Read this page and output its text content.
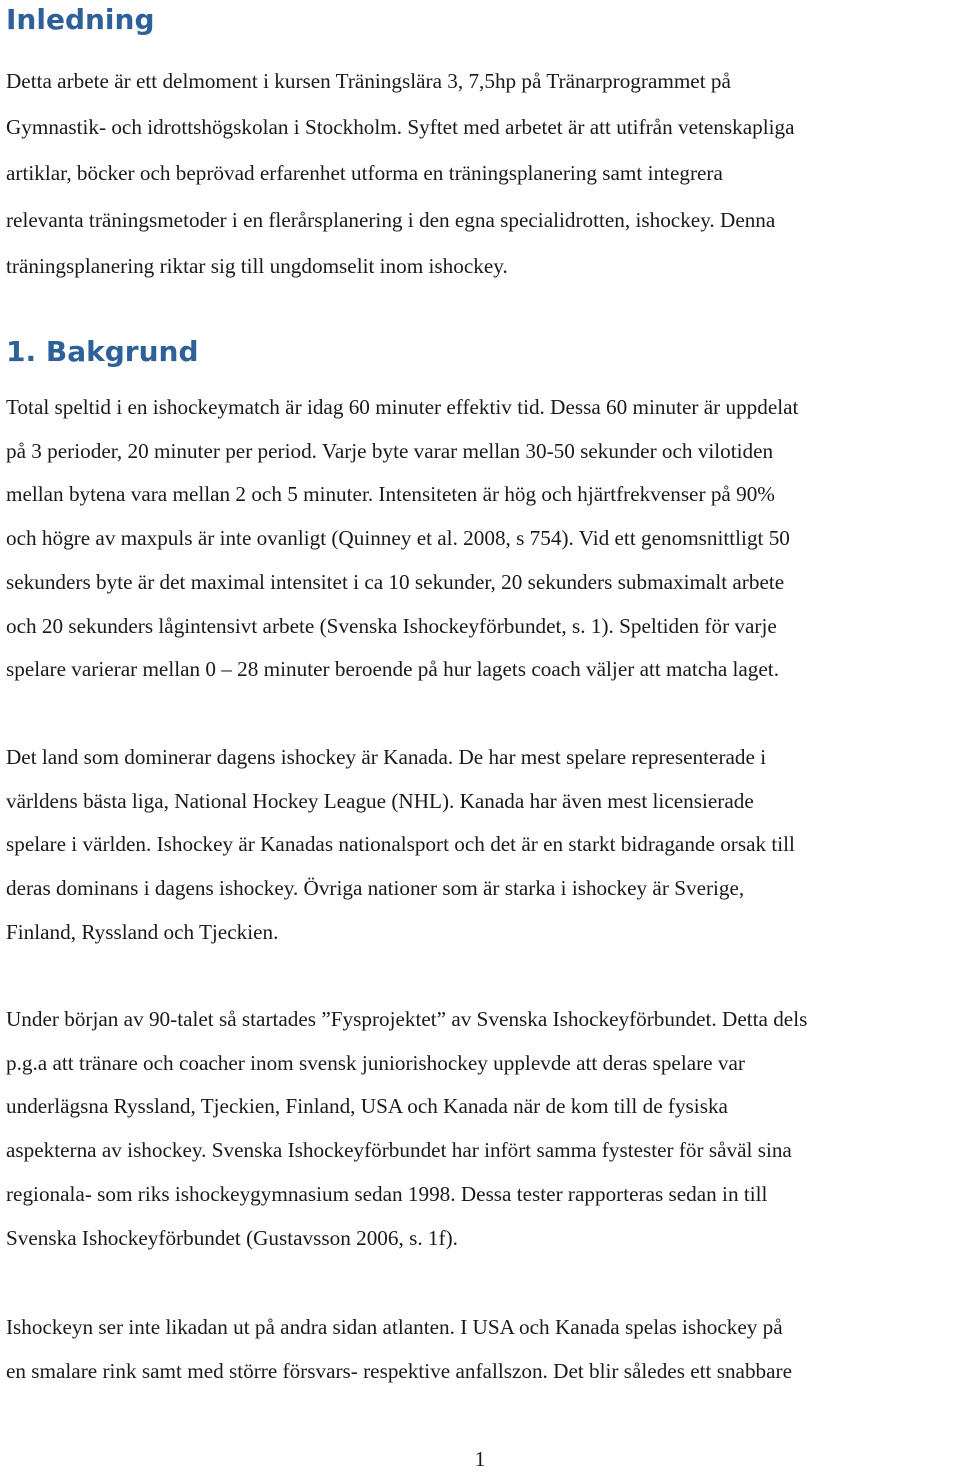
Inledning

Detta arbete är ett delmoment i kursen Träningslära 3, 7,5hp på Tränarprogrammet på
Gymnastik- och idrottshögskolan i Stockholm. Syftet med arbetet är att utifrån vetenskapliga
artiklar, böcker och beprövad erfarenhet utforma en träningsplanering samt integrera
relevanta träningsmetoder i en flerårsplanering i den egna specialidrotten, ishockey. Denna
träningsplanering riktar sig till ungdomselit inom ishockey.

1. Bakgrund

Total speltid i en ishockeymatch är idag 60 minuter effektiv tid. Dessa 60 minuter är uppdelat
på 3 perioder, 20 minuter per period. Varje byte varar mellan 30-50 sekunder och vilotiden
mellan bytena vara mellan 2 och 5 minuter. Intensiteten är hög och hjärtfrekvenser på 90%
och högre av maxpuls är inte ovanligt (Quinney et al. 2008, s 754). Vid ett genomsnittligt 50
sekunders byte är det maximal intensitet i ca 10 sekunder, 20 sekunders submaximalt arbete
och 20 sekunders lågintensivt arbete (Svenska Ishockeyförbundet, s. 1). Speltiden för varje
spelare varierar mellan 0 – 28 minuter beroende på hur lagets coach väljer att matcha laget.

Det land som dominerar dagens ishockey är Kanada. De har mest spelare representerade i
världens bästa liga, National Hockey League (NHL). Kanada har även mest licensierade
spelare i världen. Ishockey är Kanadas nationalsport och det är en starkt bidragande orsak till
deras dominans i dagens ishockey. Övriga nationer som är starka i ishockey är Sverige,
Finland, Ryssland och Tjeckien.

Under början av 90-talet så startades ”Fysprojektet” av Svenska Ishockeyförbundet. Detta dels
p.g.a att tränare och coacher inom svensk juniorishockey upplevde att deras spelare var
underlägsna Ryssland, Tjeckien, Finland, USA och Kanada när de kom till de fysiska
aspekterna av ishockey. Svenska Ishockeyförbundet har infört samma fystester för såväl sina
regionala- som riks ishockeygymnasium sedan 1998. Dessa tester rapporteras sedan in till
Svenska Ishockeyförbundet (Gustavsson 2006, s. 1f).

Ishockeyn ser inte likadan ut på andra sidan atlanten. I USA och Kanada spelas ishockey på
en smalare rink samt med större försvars- respektive anfallszon. Det blir således ett snabbare

1
